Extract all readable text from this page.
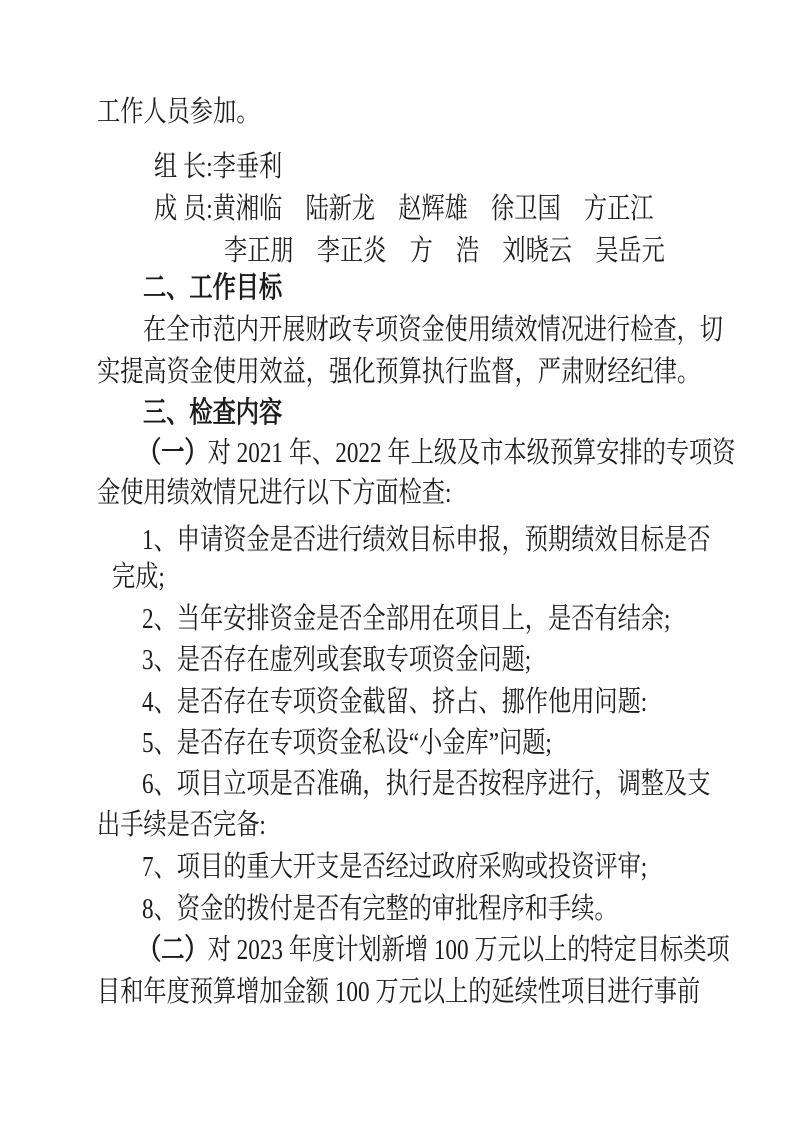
工作人员参加。
组 长:李垂利
成 员:黄湘临　陆新龙　赵辉雄　徐卫国　方正江
李正朋　李正炎　方　浩　刘晓云　吴岳元
二、工作目标
在全市范内开展财政专项资金使用绩效情况进行检查，切
实提高资金使用效益，强化预算执行监督，严肃财经纪律。
三、检查内容
（一）对 2021 年、2022 年上级及市本级预算安排的专项资
金使用绩效情兄进行以下方面检查:
1、申请资金是否进行绩效目标申报，预期绩效目标是否
完成;
2、当年安排资金是否全部用在项目上，是否有结余;
3、是否存在虚列或套取专项资金问题;
4、是否存在专项资金截留、挤占、挪作他用问题:
5、是否存在专项资金私设“小金库”问题;
6、项目立项是否准确，执行是否按程序进行，调整及支
出手续是否完备:
7、项目的重大开支是否经过政府采购或投资评审;
8、资金的拨付是否有完整的审批程序和手续。
（二）对 2023 年度计划新增 100 万元以上的特定目标类项
目和年度预算增加金额 100 万元以上的延续性项目进行事前
